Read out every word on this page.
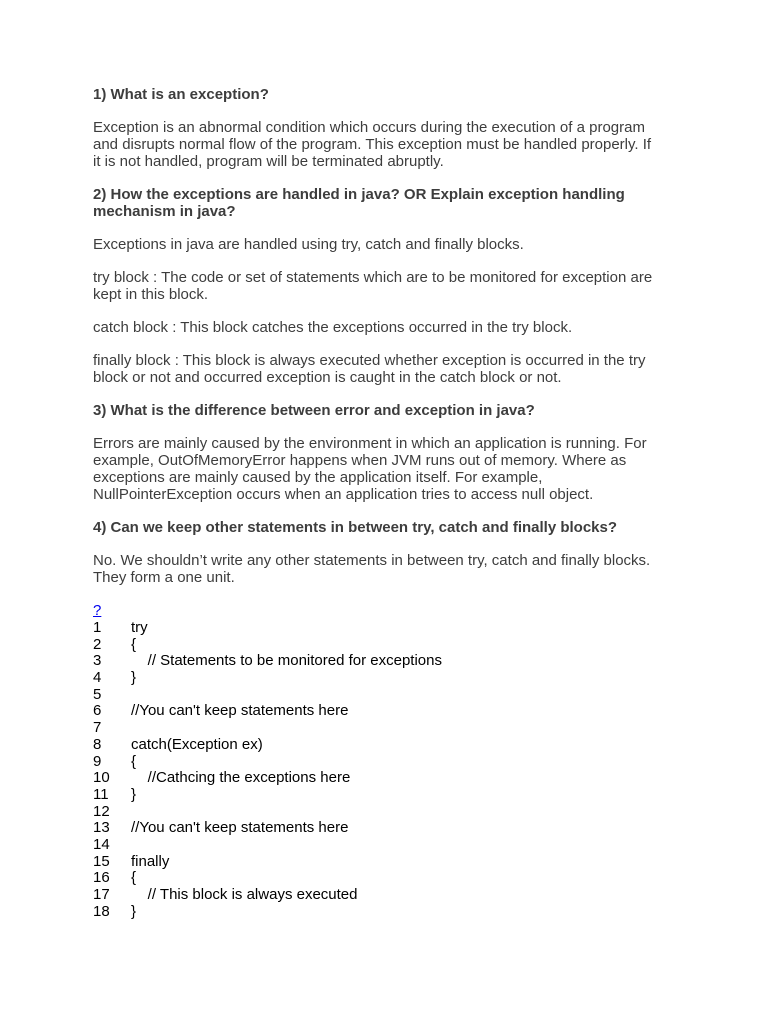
1) What is an exception?

Exception is an abnormal condition which occurs during the execution of a program

and disrupts normal flow of the program. This exception must be handled properly. If

it is not handled, program will be terminated abruptly.

2) How the exceptions are handled in java? OR Explain exception handling

mechanism in java?

Exceptions in java are handled using try, catch and finally blocks.

try block : The code or set of statements which are to be monitored for exception are

kept in this block.

catch block : This block catches the exceptions occurred in the try block.

finally block : This block is always executed whether exception is occurred in the try

block or not and occurred exception is caught in the catch block or not.

3) What is the difference between error and exception in java?

Errors are mainly caused by the environment in which an application is running. For

example, OutOfMemoryError happens when JVM runs out of memory. Where as

exceptions are mainly caused by the application itself. For example,

NullPointerException occurs when an application tries to access null object.

4) Can we keep other statements in between try, catch and finally blocks?

No. We shouldn’t write any other statements in between try, catch and finally blocks.

They form a one unit.

?
1	try
2	{
3	// Statements to be monitored for exceptions
4	}
5
6	//You can't keep statements here
7
8	catch(Exception ex)
9	{
10	//Cathcing the exceptions here
11	}
12
13	//You can't keep statements here
14
15	finally
16	{
17	// This block is always executed
18	}
